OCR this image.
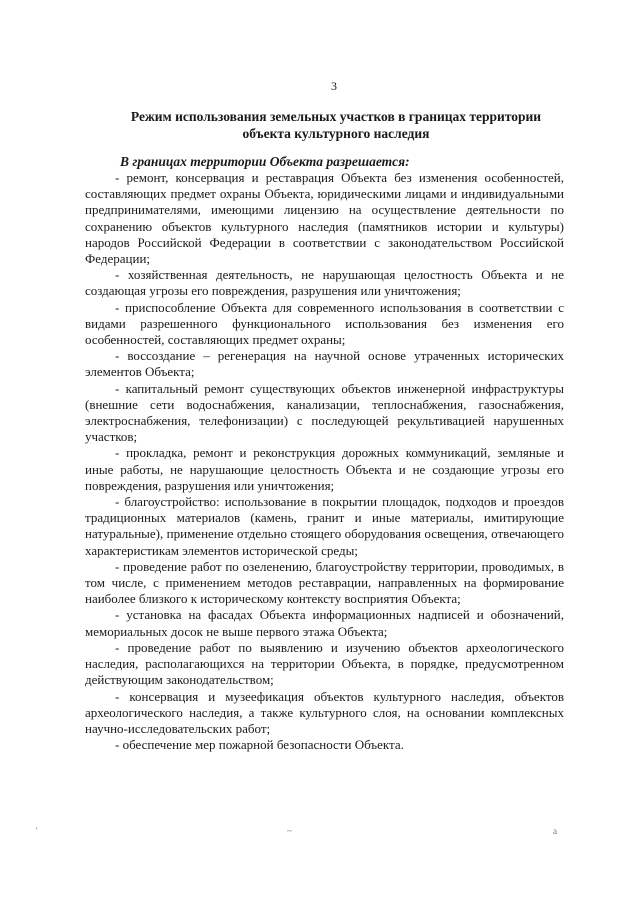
3
Режим использования земельных участков в границах территории
объекта культурного наследия
В границах территории Объекта разрешается:

- ремонт, консервация и реставрация Объекта без изменения особенностей, составляющих предмет охраны Объекта, юридическими лицами и индивидуальными предпринимателями, имеющими лицензию на осуществление деятельности по сохранению объектов культурного наследия (памятников истории и культуры) народов Российской Федерации в соответствии с законодательством Российской Федерации;

- хозяйственная деятельность, не нарушающая целостность Объекта и не создающая угрозы его повреждения, разрушения или уничтожения;

- приспособление Объекта для современного использования в соответствии с видами разрешенного функционального использования без изменения его особенностей, составляющих предмет охраны;

- воссоздание – регенерация на научной основе утраченных исторических элементов Объекта;

- капитальный ремонт существующих объектов инженерной инфраструктуры (внешние сети водоснабжения, канализации, теплоснабжения, газоснабжения, электроснабжения, телефонизации) с последующей рекультивацией нарушенных участков;

- прокладка, ремонт и реконструкция дорожных коммуникаций, земляные и иные работы, не нарушающие целостность Объекта и не создающие угрозы его повреждения, разрушения или уничтожения;

- благоустройство: использование в покрытии площадок, подходов и проездов традиционных материалов (камень, гранит и иные материалы, имитирующие натуральные), применение отдельно стоящего оборудования освещения, отвечающего характеристикам элементов исторической среды;

- проведение работ по озеленению, благоустройству территории, проводимых, в том числе, с применением методов реставрации, направленных на формирование наиболее близкого к историческому контексту восприятия Объекта;

- установка на фасадах Объекта информационных надписей и обозначений, мемориальных досок не выше первого этажа Объекта;

- проведение работ по выявлению и изучению объектов археологического наследия, располагающихся на территории Объекта, в порядке, предусмотренном действующим законодательством;

- консервация и музеефикация объектов культурного наследия, объектов археологического наследия, а также культурного слоя, на основании комплексных научно-исследовательских работ;

- обеспечение мер пожарной безопасности Объекта.

'	~	a
